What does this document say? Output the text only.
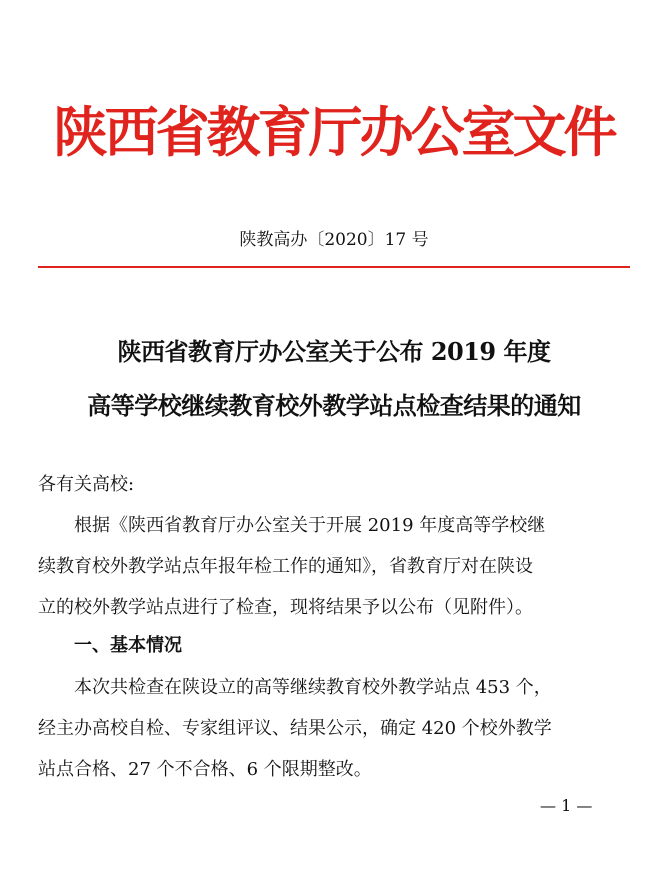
陕西省教育厅办公室文件
陕教高办〔2020〕17 号
陕西省教育厅办公室关于公布 2019 年度
高等学校继续教育校外教学站点检查结果的通知
各有关高校:
根据《陕西省教育厅办公室关于开展 2019 年度高等学校继
续教育校外教学站点年报年检工作的通知》，省教育厅对在陕设
立的校外教学站点进行了检查，现将结果予以公布（见附件）。
一、基本情况
本次共检查在陕设立的高等继续教育校外教学站点 453 个，
经主办高校自检、专家组评议、结果公示，确定 420 个校外教学
站点合格、27 个不合格、6 个限期整改。
— 1 —
